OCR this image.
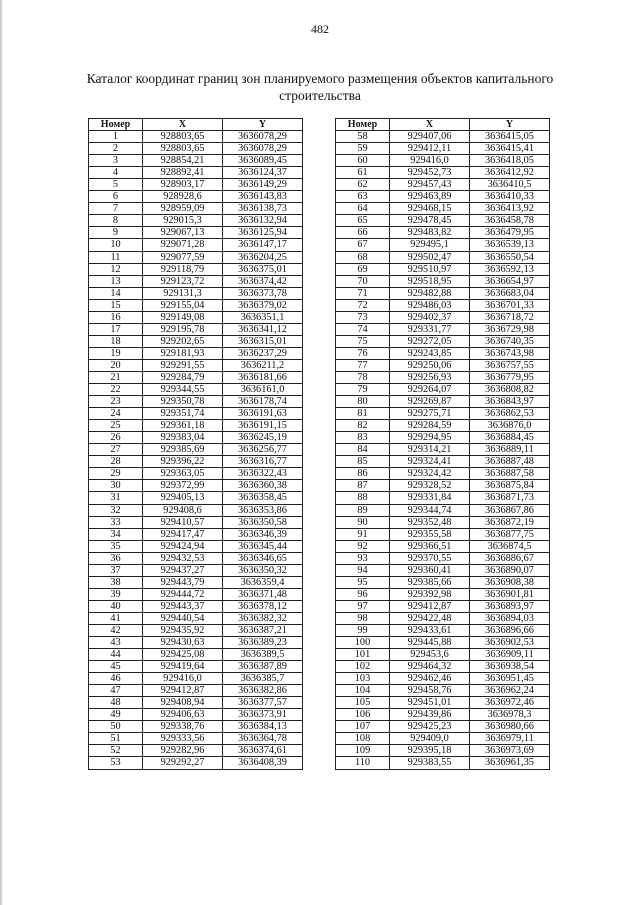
482
Каталог координат границ зон планируемого размещения объектов капитального
строительства
Номер	X	Y
1	928803,65	3636078,29
2	928803,65	3636078,29
3	928854,21	3636089,45
4	928892,41	3636124,37
5	928903,17	3636149,29
6	928928,6	3636143,83
7	928959,09	3636138,73
8	929015,3	3636132,94
9	929067,13	3636125,94
10	929071,28	3636147,17
11	929077,59	3636204,25
12	929118,79	3636375,01
13	929123,72	3636374,42
14	929131,3	3636373,78
15	929155,04	3636379,02
16	929149,08	3636351,1
17	929195,78	3636341,12
18	929202,65	3636315,01
19	929181,93	3636237,29
20	929291,55	3636211,2
21	929284,79	3636181,66
22	929344,55	3636161,0
23	929350,78	3636178,74
24	929351,74	3636191,63
25	929361,18	3636191,15
26	929383,04	3636245,19
27	929385,69	3636256,77
28	929396,22	3636316,77
29	929363,05	3636322,43
30	929372,99	3636360,38
31	929405,13	3636358,45
32	929408,6	3636353,86
33	929410,57	3636350,58
34	929417,47	3636346,39
35	929424,94	3636345,44
36	929432,53	3636346,65
37	929437,27	3636350,32
38	929443,79	3636359,4
39	929444,72	3636371,48
40	929443,37	3636378,12
41	929440,54	3636382,32
42	929435,92	3636387,21
43	929430,63	3636389,23
44	929425,08	3636389,5
45	929419,64	3636387,89
46	929416,0	3636385,7
47	929412,87	3636382,86
48	929408,94	3636377,57
49	929406,63	3636373,91
50	929338,76	3636384,13
51	929333,56	3636364,78
52	929282,96	3636374,61
53	929292,27	3636408,39
Номер	X	Y
58	929407,06	3636415,05
59	929412,11	3636415,41
60	929416,0	3636418,05
61	929452,73	3636412,92
62	929457,43	3636410,5
63	929463,89	3636410,33
64	929468,15	3636413,92
65	929478,45	3636458,78
66	929483,82	3636479,95
67	929495,1	3636539,13
68	929502,47	3636550,54
69	929510,97	3636592,13
70	929518,95	3636654,97
71	929482,88	3636683,04
72	929486,03	3636701,33
73	929402,37	3636718,72
74	929331,77	3636729,98
75	929272,05	3636740,35
76	929243,85	3636743,98
77	929250,06	3636757,55
78	929256,93	3636779,95
79	929264,07	3636808,82
80	929269,87	3636843,97
81	929275,71	3636862,53
82	929284,59	3636876,0
83	929294,95	3636884,45
84	929314,21	3636889,11
85	929324,41	3636887,48
86	929324,42	3636887,58
87	929328,52	3636875,84
88	929331,84	3636871,73
89	929344,74	3636867,86
90	929352,48	3636872,19
91	929355,58	3636877,75
92	929366,51	3636874,5
93	929370,55	3636886,67
94	929360,41	3636890,07
95	929385,66	3636908,38
96	929392,98	3636901,81
97	929412,87	3636893,97
98	929422,48	3636894,03
99	929433,61	3636896,66
100	929445,88	3636902,53
101	929453,6	3636909,11
102	929464,32	3636938,54
103	929462,46	3636951,45
104	929458,76	3636962,24
105	929451,01	3636972,46
106	929439,86	3636978,3
107	929425,23	3636980,66
108	929409,0	3636979,11
109	929395,18	3636973,69
110	929383,55	3636961,35
